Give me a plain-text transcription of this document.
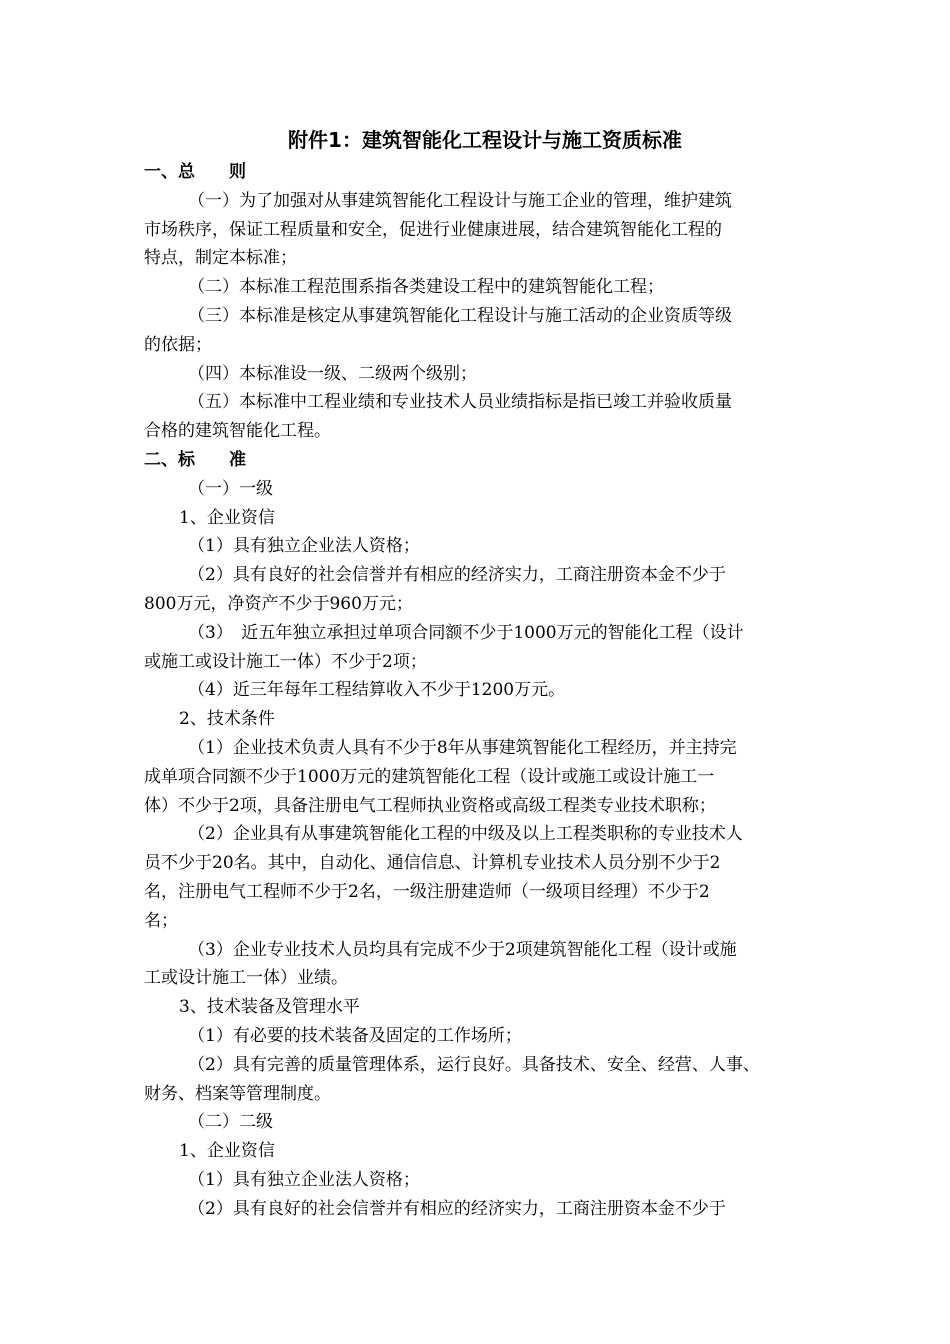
附件1：建筑智能化工程设计与施工资质标准

一、总　　则

（一）为了加强对从事建筑智能化工程设计与施工企业的管理，维护建筑

市场秩序，保证工程质量和安全，促进行业健康进展，结合建筑智能化工程的

特点，制定本标准；

（二）本标准工程范围系指各类建设工程中的建筑智能化工程；

（三）本标准是核定从事建筑智能化工程设计与施工活动的企业资质等级

的依据；

（四）本标准设一级、二级两个级别；

（五）本标准中工程业绩和专业技术人员业绩指标是指已竣工并验收质量

合格的建筑智能化工程。

二、标　　准

（一）一级

1、企业资信

（1）具有独立企业法人资格；

（2）具有良好的社会信誉并有相应的经济实力，工商注册资本金不少于

800万元，净资产不少于960万元；

（3）　近五年独立承担过单项合同额不少于1000万元的智能化工程（设计

或施工或设计施工一体）不少于2项；

（4）近三年每年工程结算收入不少于1200万元。

2、技术条件

（1）企业技术负责人具有不少于8年从事建筑智能化工程经历，并主持完

成单项合同额不少于1000万元的建筑智能化工程（设计或施工或设计施工一

体）不少于2项，具备注册电气工程师执业资格或高级工程类专业技术职称；

（2）企业具有从事建筑智能化工程的中级及以上工程类职称的专业技术人

员不少于20名。其中，自动化、通信信息、计算机专业技术人员分别不少于2

名，注册电气工程师不少于2名，一级注册建造师（一级项目经理）不少于2

名；

（3）企业专业技术人员均具有完成不少于2项建筑智能化工程（设计或施

工或设计施工一体）业绩。

3、技术装备及管理水平

（1）有必要的技术装备及固定的工作场所；

（2）具有完善的质量管理体系，运行良好。具备技术、安全、经营、人事、

财务、档案等管理制度。

（二）二级

1、企业资信

（1）具有独立企业法人资格；

（2）具有良好的社会信誉并有相应的经济实力，工商注册资本金不少于
